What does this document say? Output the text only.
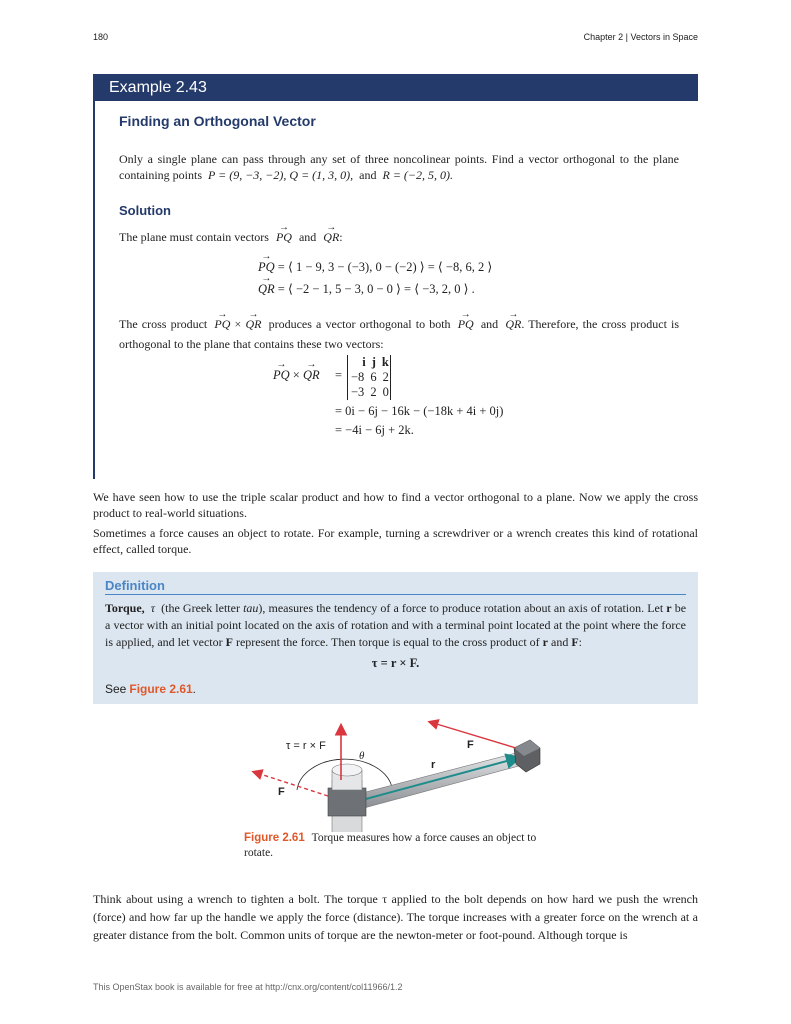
180	Chapter 2 | Vectors in Space
Example 2.43
Finding an Orthogonal Vector
Only a single plane can pass through any set of three noncolinear points. Find a vector orthogonal to the plane containing points P = (9, −3, −2), Q = (1, 3, 0), and R = (−2, 5, 0).
Solution
The plane must contain vectors → PQ and → QR:
→ PQ = ⟨ 1 − 9, 3 − (−3), 0 − (−2) ⟩ = ⟨ −8, 6, 2 ⟩
→ QR = ⟨ −2 − 1, 5 − 3, 0 − 0 ⟩ = ⟨ −3, 2, 0 ⟩ .
The cross product → PQ × → QR produces a vector orthogonal to both → PQ and → QR. Therefore, the cross product is orthogonal to the plane that contains these two vectors:
→ PQ × → QR =
i j k
−8 6 2
−3 2 0
= 0i − 6j − 16k − (−18k + 4i + 0j)
= −4i − 6j + 2k.
We have seen how to use the triple scalar product and how to find a vector orthogonal to a plane. Now we apply the cross product to real-world situations.
Sometimes a force causes an object to rotate. For example, turning a screwdriver or a wrench creates this kind of rotational effect, called torque.
Definition
Torque, τ (the Greek letter tau), measures the tendency of a force to produce rotation about an axis of rotation. Let r be a vector with an initial point located on the axis of rotation and with a terminal point located at the point where the force is applied, and let vector F represent the force. Then torque is equal to the cross product of r and F:
τ = r × F.
See Figure 2.61.
τ = r × F
θ
F
F
r
Figure 2.61 Torque measures how a force causes an object to rotate.
Think about using a wrench to tighten a bolt. The torque τ applied to the bolt depends on how hard we push the wrench (force) and how far up the handle we apply the force (distance). The torque increases with a greater force on the wrench at a greater distance from the bolt. Common units of torque are the newton-meter or foot-pound. Although torque is
This OpenStax book is available for free at http://cnx.org/content/col11966/1.2
